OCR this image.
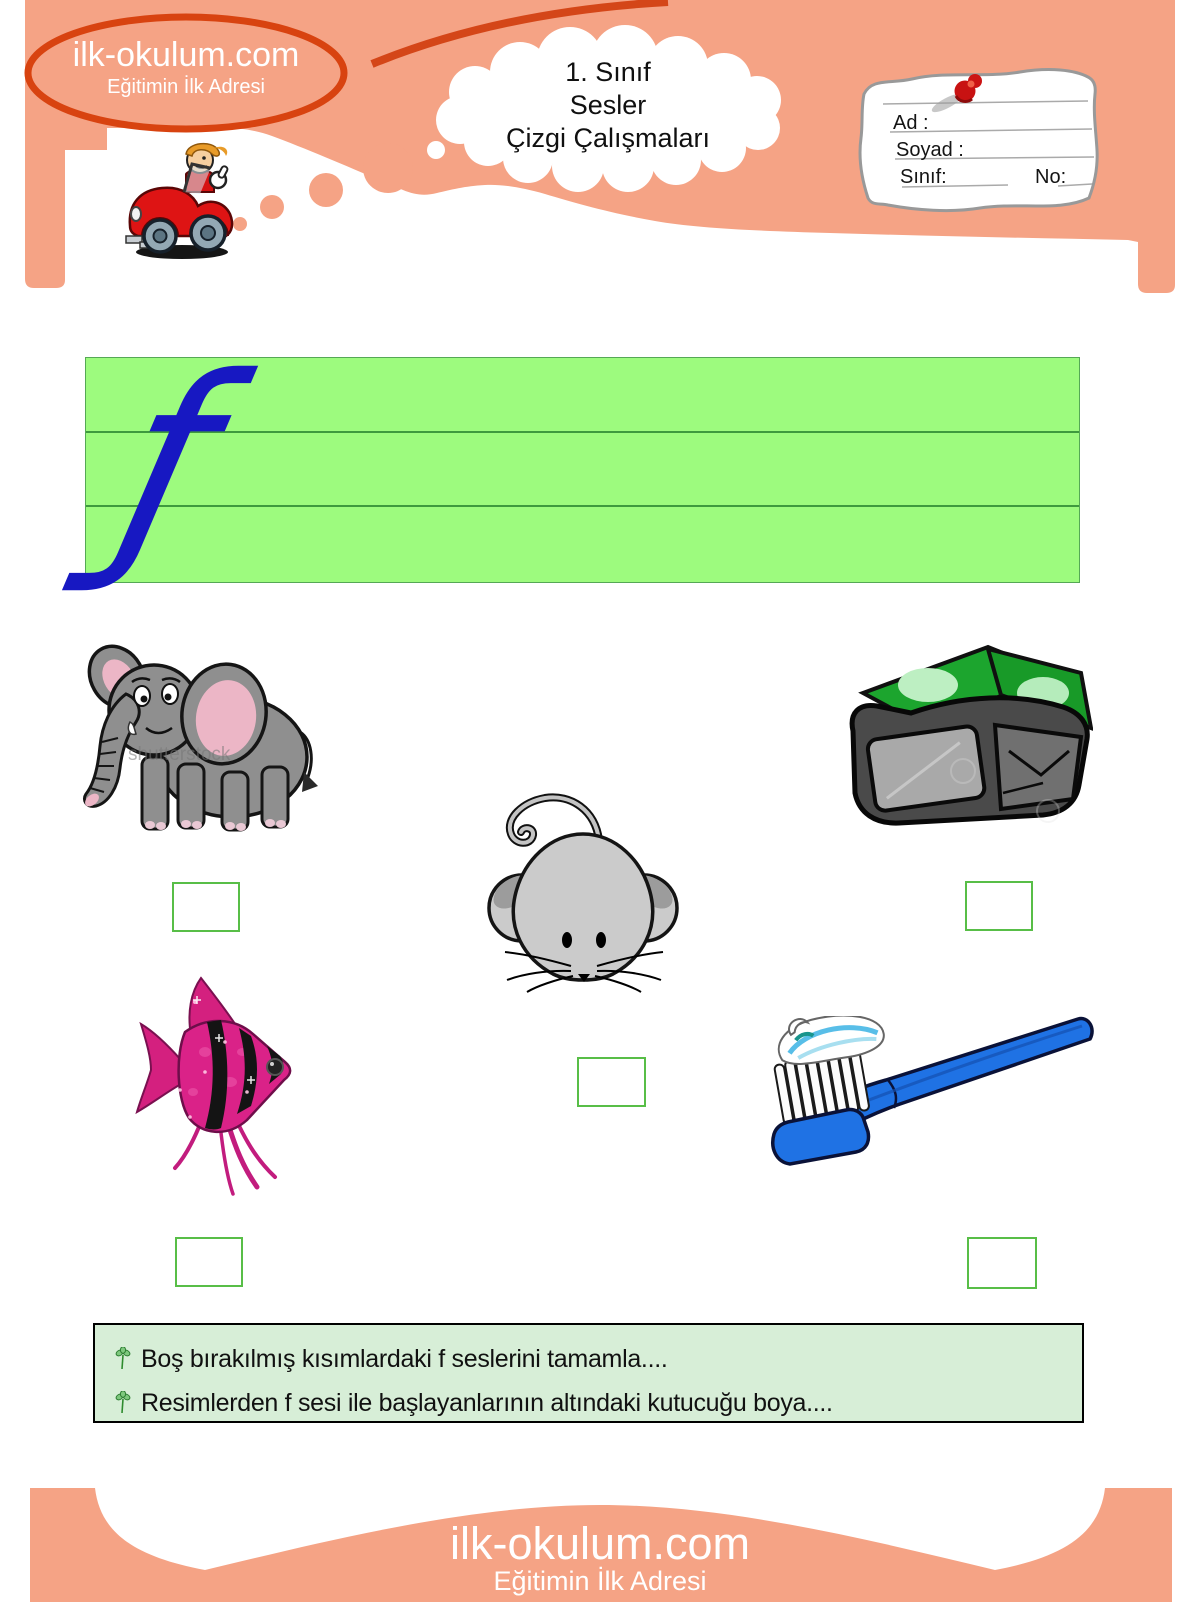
ilk-okulum.com
Eğitimin İlk Adresi	1. Sınıf
Sesler
Çizgi Çalışmaları	Ad :
Soyad :
Sınıf:	No:
ƒ
shutterstock
Boş bırakılmış kısımlardaki f seslerini tamamla....
Resimlerden f sesi ile başlayanlarının altındaki kutucuğu boya....
ilk-okulum.com
Eğitimin İlk Adresi
